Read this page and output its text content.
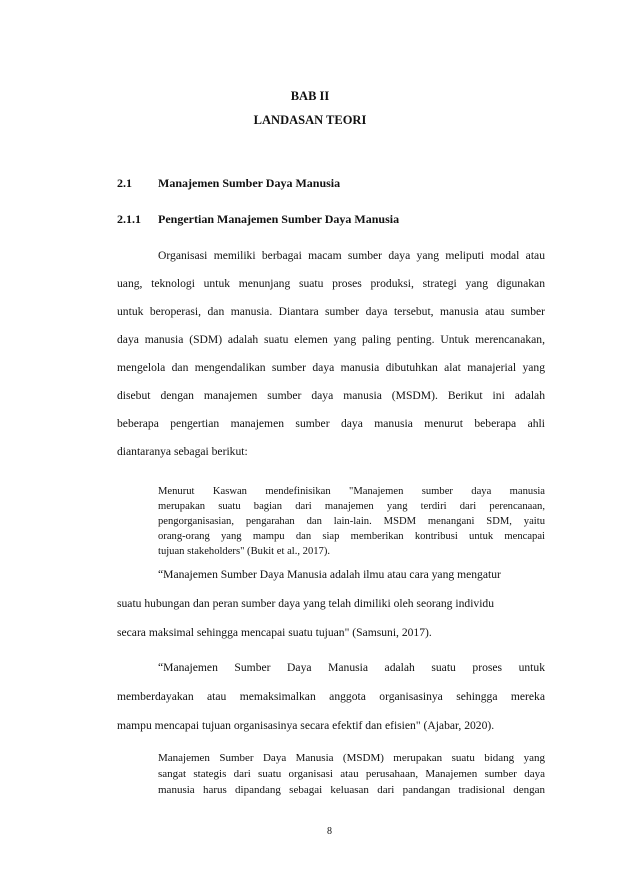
BAB II
LANDASAN TEORI
2.1 Manajemen Sumber Daya Manusia
2.1.1 Pengertian Manajemen Sumber Daya Manusia
Organisasi memiliki berbagai macam sumber daya yang meliputi modal atau
uang, teknologi untuk menunjang suatu proses produksi, strategi yang digunakan
untuk beroperasi, dan manusia. Diantara sumber daya tersebut, manusia atau sumber
daya manusia (SDM) adalah suatu elemen yang paling penting. Untuk merencanakan,
mengelola dan mengendalikan sumber daya manusia dibutuhkan alat manajerial yang
disebut dengan manajemen sumber daya manusia (MSDM). Berikut ini adalah
beberapa pengertian manajemen sumber daya manusia menurut beberapa ahli
diantaranya sebagai berikut:
Menurut Kaswan mendefinisikan "Manajemen sumber daya manusia
merupakan suatu bagian dari manajemen yang terdiri dari perencanaan,
pengorganisasian, pengarahan dan lain-lain. MSDM menangani SDM, yaitu
orang-orang yang mampu dan siap memberikan kontribusi untuk mencapai
tujuan stakeholders" (Bukit et al., 2017).
“Manajemen Sumber Daya Manusia adalah ilmu atau cara yang mengatur
suatu hubungan dan peran sumber daya yang telah dimiliki oleh seorang individu
secara maksimal sehingga mencapai suatu tujuan" (Samsuni, 2017).
“Manajemen Sumber Daya Manusia adalah suatu proses untuk
memberdayakan atau memaksimalkan anggota organisasinya sehingga mereka
mampu mencapai tujuan organisasinya secara efektif dan efisien" (Ajabar, 2020).
Manajemen Sumber Daya Manusia (MSDM) merupakan suatu bidang yang
sangat stategis dari suatu organisasi atau perusahaan, Manajemen sumber daya
manusia harus dipandang sebagai keluasan dari pandangan tradisional dengan
8
